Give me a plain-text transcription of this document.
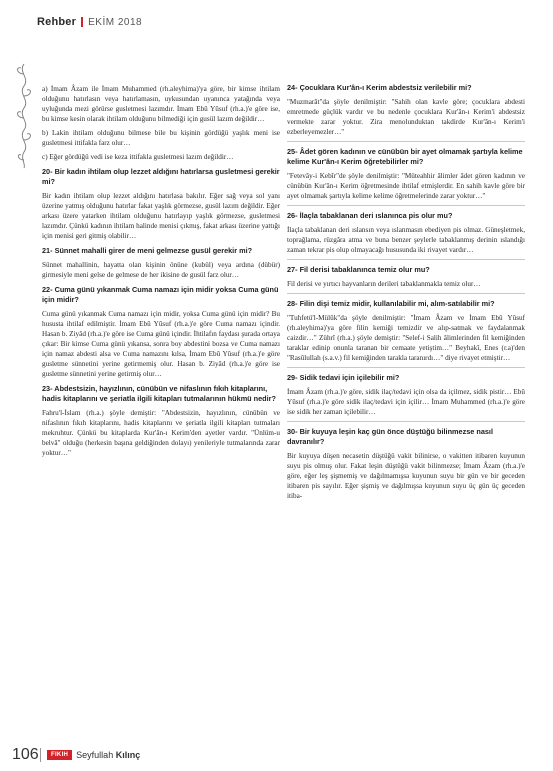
Rehber EKİM 2018

a) İmam Âzam ile İmam Muhammed (rh.aleyhima)'ya göre, bir kimse ihtilam olduğunu hatırlasın veya hatırlamasın, uykusundan uyanınca yatağında veya uyluğunda mezi görürse gusletmesi lazımdır. İmam Ebû Yûsuf (rh.a.)'e göre ise, bu kimse kesin olarak ihtilam olduğunu bilmediği için gusül lazım değildir…

b) Lakin ihtilam olduğunu bilmese bile bu kişinin gördüğü yaşlık meni ise gusletmesi ittifakla farz olur…

c) Eğer gördüğü vedi ise keza ittifakla gusletmesi lazım değildir…

20- Bir kadın ihtilam olup lezzet aldığını hatırlarsa gusletmesi gerekir mi?

Bir kadın ihtilam olup lezzet aldığını hatırlasa bakılır. Eğer sağ veya sol yanı üzerine yatmış olduğunu hatırlar fakat yaşlık görmezse, gusül lazım değildir. Eğer arkası üzere yatarken ihtilam olduğunu hatırlayıp yaşlık görmezse, gusletmesi lazımdır. Çünkü kadının ihtilam halinde menisi çıkmış, fakat arkası üzerine yattığı için menisi geri gitmiş olabilir…

21- Sünnet mahalli girer de meni gelmezse gusül gerekir mi?

Sünnet mahallinin, hayatta olan kişinin önüne (kubül) veya ardına (dübür) girmesiyle meni gelse de gelmese de her ikisine de gusül farz olur…

22- Cuma günü yıkanmak Cuma namazı için midir yoksa Cuma günü için midir?

Cuma günü yıkanmak Cuma namazı için midir, yoksa Cuma günü için midir? Bu hususta ihtilaf edilmiştir. İmam Ebû Yûsuf (rh.a.)'e göre Cuma namazı içindir. Hasan b. Ziyâd (rh.a.)'e göre ise Cuma günü içindir. İhtilafın faydası şurada ortaya çıkar: Bir kimse Cuma günü yıkansa, sonra boy abdestini bozsa ve Cuma namazı için namaz abdesti alsa ve Cuma namazını kılsa, İmam Ebû Yûsuf (rh.a.)'e göre gusletme sünnetini yerine getirmemiş olur. Hasan b. Ziyâd (rh.a.)'e göre ise gusletme sünnetini yerine getirmiş olur…

23- Abdestsizin, hayızlının, cünübün ve nifaslının fıkıh kitaplarını, hadis kitaplarını ve şeriatla ilgili kitapları tutmalarının hükmü nedir?

Fahru'l-İslam (rh.a.) şöyle demiştir: "Abdestsizin, hayızlının, cünübün ve nifaslının fıkıh kitaplarını, hadis kitaplarını ve şeriatla ilgili kitapları tutmaları mekruhtur. Çünkü bu kitaplarda Kur'ân-ı Kerim'den ayetler vardır. "Ünlüm-u belvâ" olduğu (herkesin başına geldiğinden dolayı) yenileriyle tutmalarında zarar yoktur…"

24- Çocuklara Kur'ân-ı Kerim abdestsiz verilebilir mi?

"Muzmarât"da şöyle denilmiştir: "Sahih olan kavle göre; çocuklara abdesti emretmede güçlük vardır ve bu nedenle çocuklara Kur'ân-ı Kerim'i abdestsiz vermekte zarar yoktur. Zira menolunduktan takdirde Kur'ân-ı Kerim'i ezberleyemezler…"

25- Âdet gören kadının ve cünübün bir ayet olmamak şartıyla kelime kelime Kur'ân-ı Kerim öğretebilirler mi?

"Fetevây-i Kebîr"de şöyle denilmiştir: "Müteahhir âlimler âdet gören kadının ve cünübün Kur'ân-ı Kerim öğretmesinde ihtilaf etmişlerdir. En sahih kavle göre bir ayet olmamak şartıyla kelime kelime öğretmelerinde zarar yoktur…"

26- İlaçla tabaklanan deri ıslanınca pis olur mu?

İlaçla tabaklanan deri ıslansın veya ıslanmasın ebediyen pis olmaz. Güneşletmek, toprağlama, rüzgâra atma ve buna benzer şeylerle tabaklanmış derinin ıslandığı zaman tekrar pis olup olmayacağı hususunda iki rivayet vardır…

27- Fil derisi tabaklanınca temiz olur mu?

Fil derisi ve yırtıcı hayvanların derileri tabaklanmakla temiz olur…

28- Filin dişi temiz midir, kullanılabilir mi, alım-satılabilir mi?

"Tuhfetü'l-Mülûk"da şöyle denilmiştir: "İmam Âzam ve İmam Ebû Yûsuf (rh.aleyhima)'ya göre filin kemiği temizdir ve alıp-satmak ve faydalanmak caizdir…" Zührî (rh.a.) şöyle demiştir: "Selef-i Salih âlimlerinden fil kemiğinden taraklar edinip onunla taranan bir cemaate yetiştim…" Beyhakî, Enes (r.a)'den "Rasûlullah (s.a.v.) fil kemiğinden tarakla taranırdı…" diye rivayet etmiştir…

29- Sidik tedavi için içilebilir mi?

İmam Âzam (rh.a.)'e göre, sidik ilaç/tedavi için olsa da içilmez, sidik pistir… Ebû Yûsuf (rh.a.)'e göre sidik ilaç/tedavi için içilir… İmam Muhammed (rh.a.)'e göre ise sidik her zaman içilebilir…

30- Bir kuyuya leşin kaç gün önce düştüğü bilinmezse nasıl davranılır?

Bir kuyuya düşen necasetin düştüğü vakit bilinirse, o vakitten itibaren kuyunun suyu pis olmuş olur. Fakat leşin düştüğü vakit bilinmezse; İmam Âzam (rh.a.)'e göre, eğer leş şişmemiş ve dağılmamışsa kuyunun suyu bir gün ve bir geceden itibaren pis sayılır. Eğer şişmiş ve dağılmışsa kuyunun suyu üç gün üç geceden itiba-

106	FIKIH Seyfullah Kılınç
